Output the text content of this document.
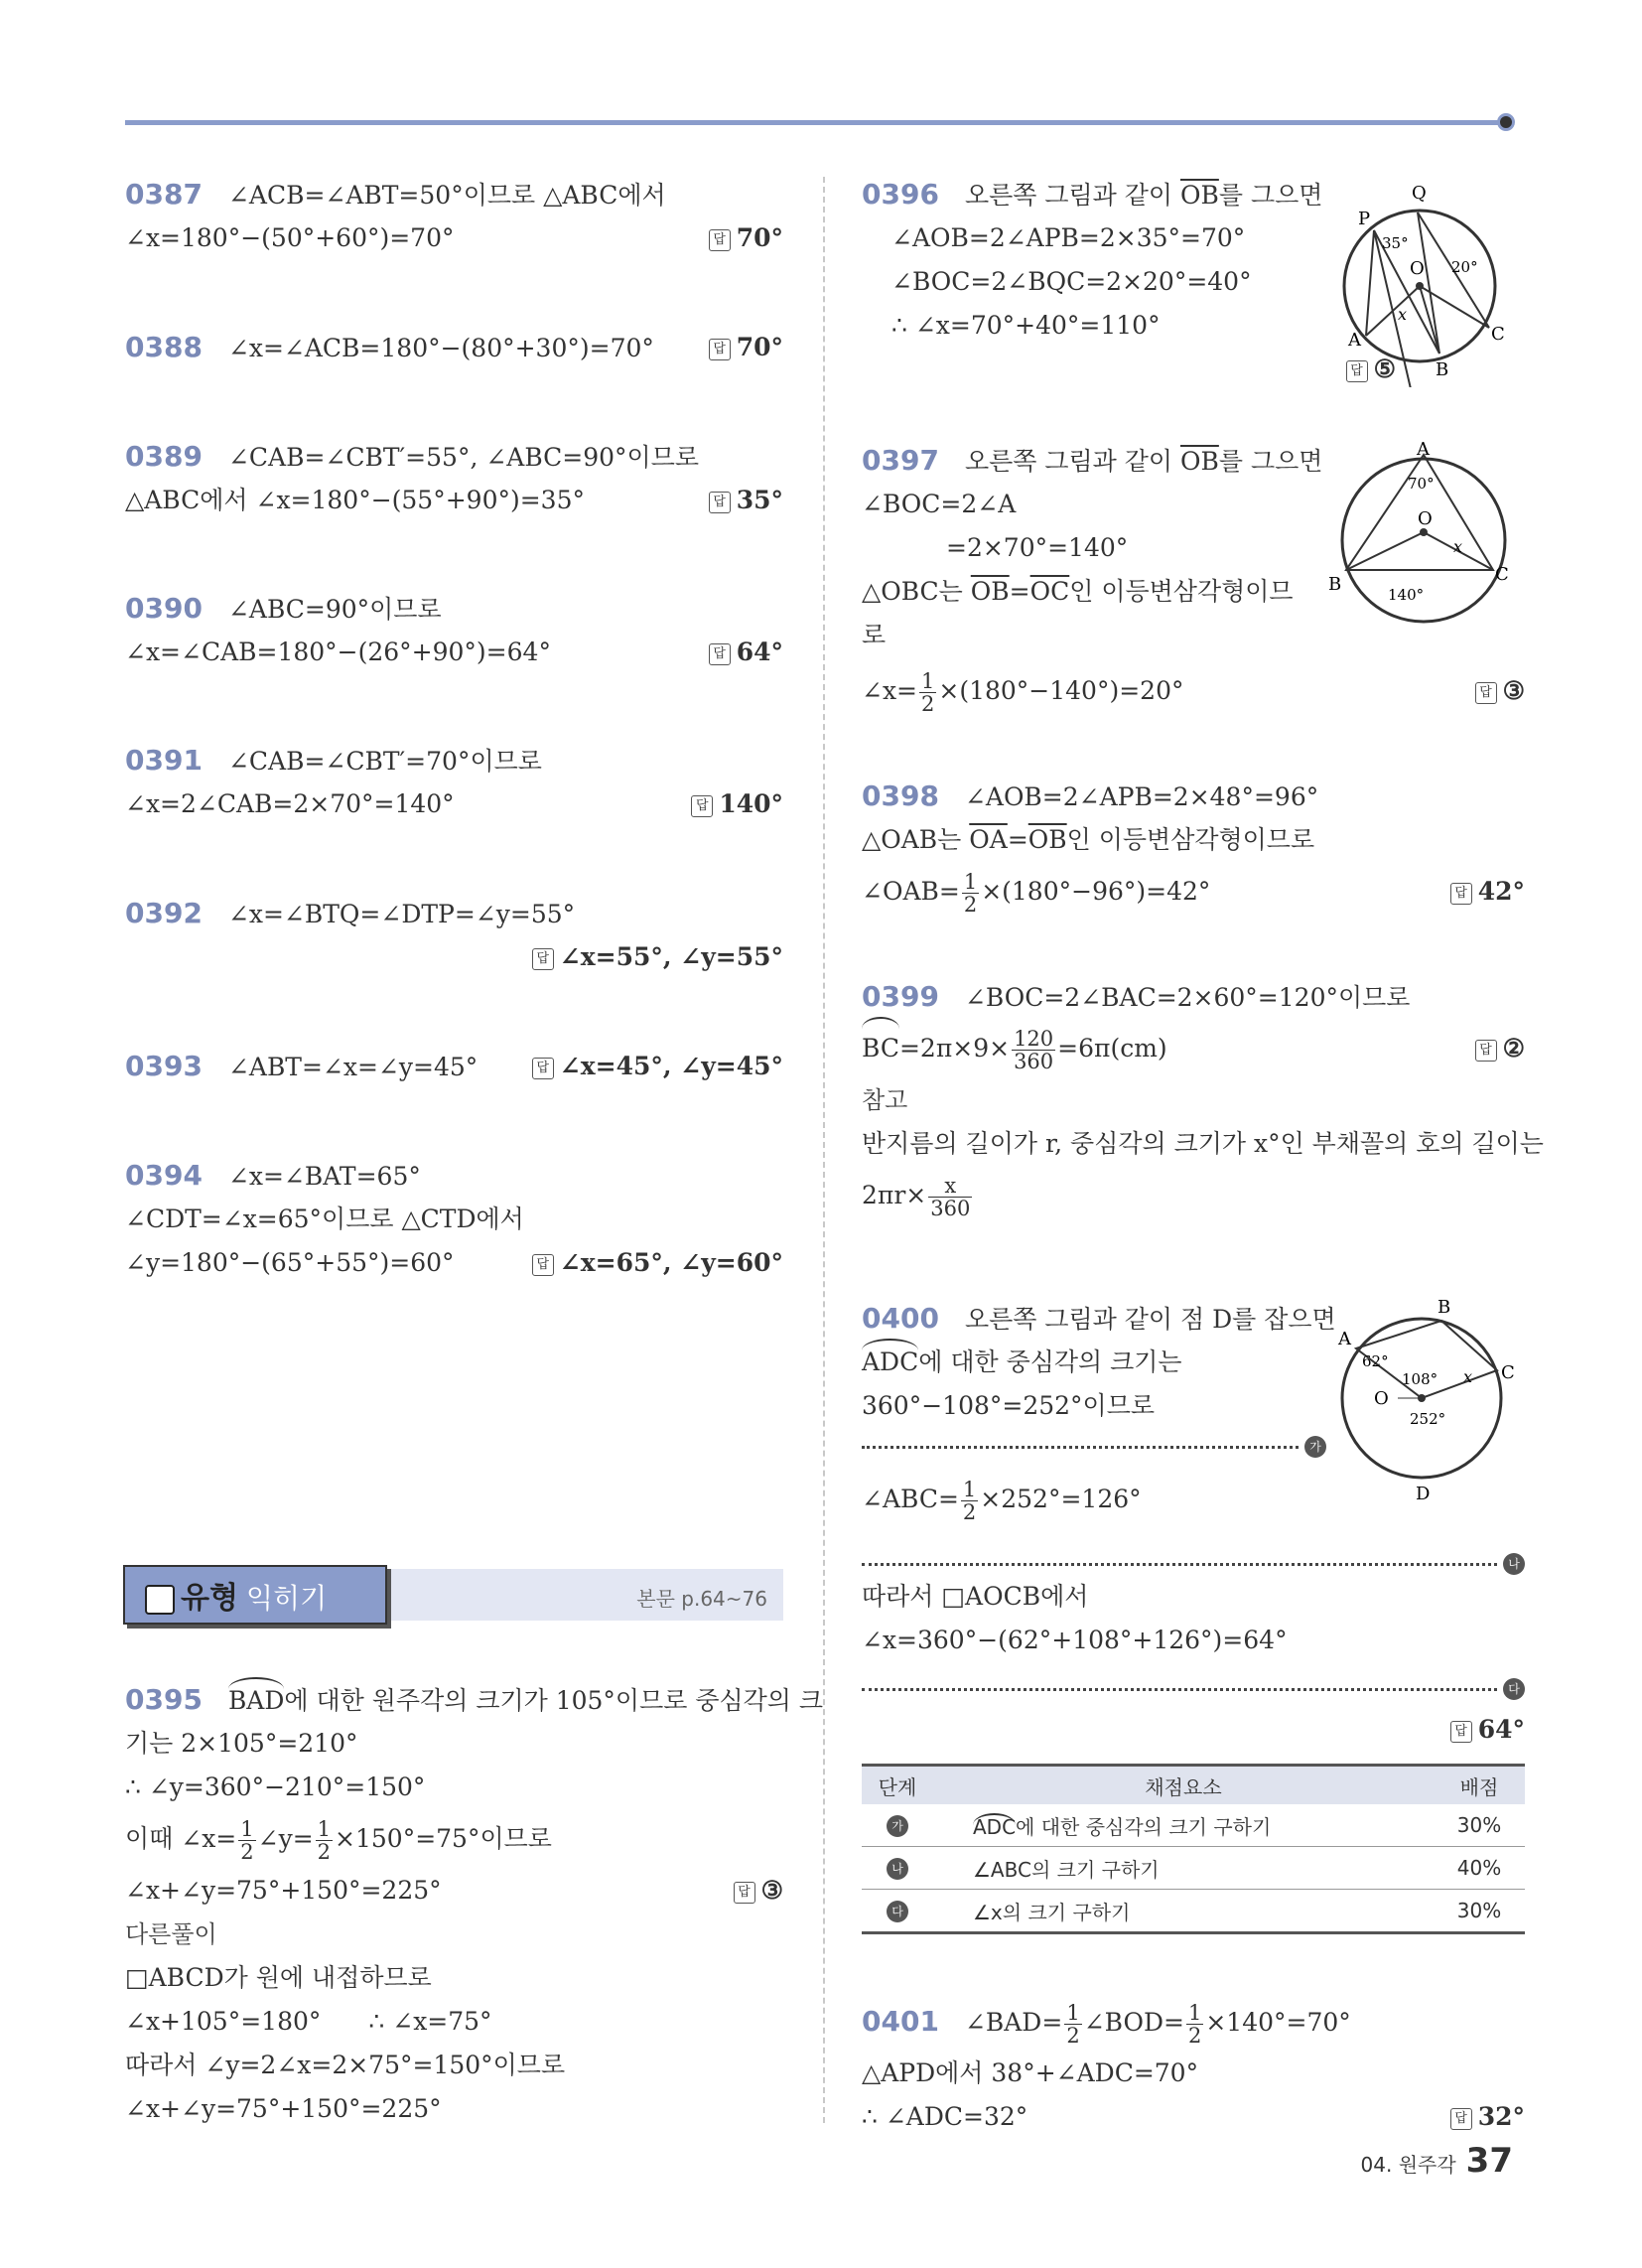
0387 ∠ACB=∠ABT=50°이므로 △ABC에서
∠x=180°−(50°+60°)=70°	답 70°
0388 ∠x=∠ACB=180°−(80°+30°)=70°	답 70°
0389 ∠CAB=∠CBT′=55°, ∠ABC=90°이므로
△ABC에서 ∠x=180°−(55°+90°)=35°	답 35°
0390 ∠ABC=90°이므로
∠x=∠CAB=180°−(26°+90°)=64°	답 64°
0391 ∠CAB=∠CBT′=70°이므로
∠x=2∠CAB=2×70°=140°	답 140°
0392 ∠x=∠BTQ=∠DTP=∠y=55°
답 ∠x=55°, ∠y=55°
0393 ∠ABT=∠x=∠y=45°	답 ∠x=45°, ∠y=45°
0394 ∠x=∠BAT=65°
∠CDT=∠x=65°이므로 △CTD에서
∠y=180°−(65°+55°)=60°	답 ∠x=65°, ∠y=60°
유형 익히기	본문 p.64~76
0395 BAD에 대한 원주각의 크기가 105°이므로 중심각의 크
기는 2×105°=210°
∴ ∠y=360°−210°=150°
이때 ∠x= $\frac{1}{2}$ ∠y= $\frac{1}{2} \times 150^\circ=75^\circ$이므로
∠x+∠y=75°+150°=225°	답 ③
다른풀이
□ABCD가 원에 내접하므로
∠x+105°=180° ∴ ∠x=75°
따라서 ∠y=2∠x=2×75°=150°이므로
∠x+∠y=75°+150°=225°
0396 오른쪽 그림과 같이 $\overline{OB}$를 그으면
∠AOB=2∠APB=2×35°=70°
∠BOC=2∠BQC=2×20°=40°
∴ ∠x=70°+40°=110°
답 ⑤
P
Q
O
A
B
C
35°
20°
x
0397 오른쪽 그림과 같이 $\overline{OB}$를 그으면
∠BOC=2∠A
=2×70°=140°
△OBC는 $\overline{OB}=\overline{OC}$인 이등변삼각형이므
로
∠x= $\frac{1}{2} \times(180^\circ-140^\circ)=20^\circ$	답 ③
A
B	C
O
70°
140°
x
0398 ∠AOB=2∠APB=2×48°=96°
△OAB는 $\overline{OA}=\overline{OB}$인 이등변삼각형이므로
∠OAB= $\frac{1}{2} \times(180^\circ-96^\circ)=42^\circ$	답 42°
0399 ∠BOC=2∠BAC=2×60°=120°이므로
$BC=2\pi\times 9\times \frac{120}{360} =6\pi(cm)$	답 ②
참고
반지름의 길이가 r, 중심각의 크기가 x°인 부채꼴의 호의 길이는
$2\pi r\times \frac{x}{360}$
0400 오른쪽 그림과 같이 점 D를 잡으면
ADC에 대한 중심각의 크기는
360°−108°=252°이므로
가
A
B
C
D
O
62°
108°
252°
x
∠ABC= $\frac{1}{2} \times 252^\circ=126^\circ$
나
따라서 □AOCB에서
∠x=360°−(62°+108°+126°)=64°
다
답 64°
단계	채점요소	배점
가	ADC에 대한 중심각의 크기 구하기	30%
나	∠ABC의 크기 구하기	40%
다	∠x의 크기 구하기	30%
0401 ∠BAD= $\frac{1}{2}$ ∠BOD= $\frac{1}{2} \times 140^\circ=70^\circ$
△APD에서 38°+∠ADC=70°
∴ ∠ADC=32°	답 32°
04. 원주각 37
